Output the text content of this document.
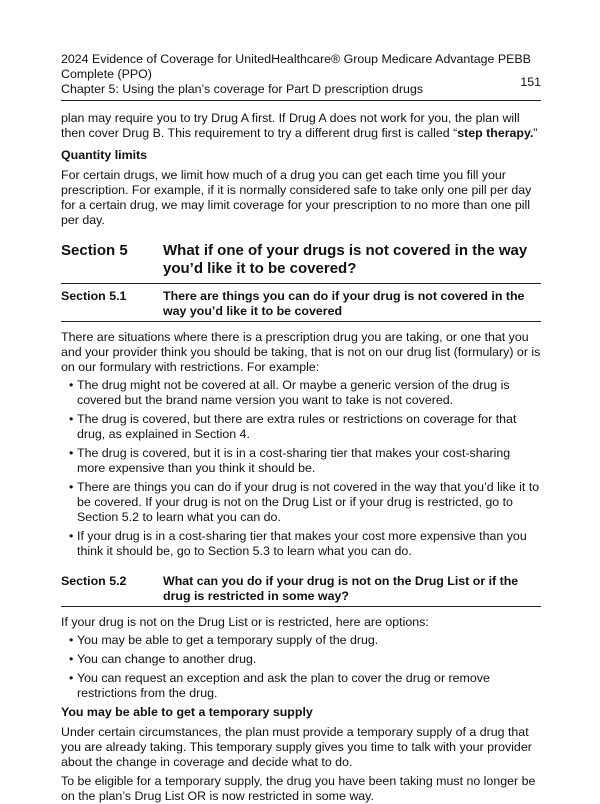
2024 Evidence of Coverage for UnitedHealthcare® Group Medicare Advantage PEBB Complete (PPO)
Chapter 5: Using the plan’s coverage for Part D prescription drugs	151

plan may require you to try Drug A first. If Drug A does not work for you, the plan will then cover Drug B. This requirement to try a different drug first is called “step therapy.”

Quantity limits

For certain drugs, we limit how much of a drug you can get each time you fill your prescription. For example, if it is normally considered safe to take only one pill per day for a certain drug, we may limit coverage for your prescription to no more than one pill per day.

Section 5	What if one of your drugs is not covered in the way you’d like it to be covered?
Section 5.1	There are things you can do if your drug is not covered in the way you’d like it to be covered

There are situations where there is a prescription drug you are taking, or one that you and your provider think you should be taking, that is not on our drug list (formulary) or is on our formulary with restrictions. For example:

• The drug might not be covered at all. Or maybe a generic version of the drug is covered but the brand name version you want to take is not covered.
• The drug is covered, but there are extra rules or restrictions on coverage for that drug, as explained in Section 4.
• The drug is covered, but it is in a cost-sharing tier that makes your cost-sharing more expensive than you think it should be.
• There are things you can do if your drug is not covered in the way that you’d like it to be covered. If your drug is not on the Drug List or if your drug is restricted, go to Section 5.2 to learn what you can do.
• If your drug is in a cost-sharing tier that makes your cost more expensive than you think it should be, go to Section 5.3 to learn what you can do.
Section 5.2	What can you do if your drug is not on the Drug List or if the drug is restricted in some way?

If your drug is not on the Drug List or is restricted, here are options:

• You may be able to get a temporary supply of the drug.
• You can change to another drug.
• You can request an exception and ask the plan to cover the drug or remove restrictions from the drug.
You may be able to get a temporary supply

Under certain circumstances, the plan must provide a temporary supply of a drug that you are already taking. This temporary supply gives you time to talk with your provider about the change in coverage and decide what to do.

To be eligible for a temporary supply, the drug you have been taking must no longer be on the plan’s Drug List OR is now restricted in some way.
